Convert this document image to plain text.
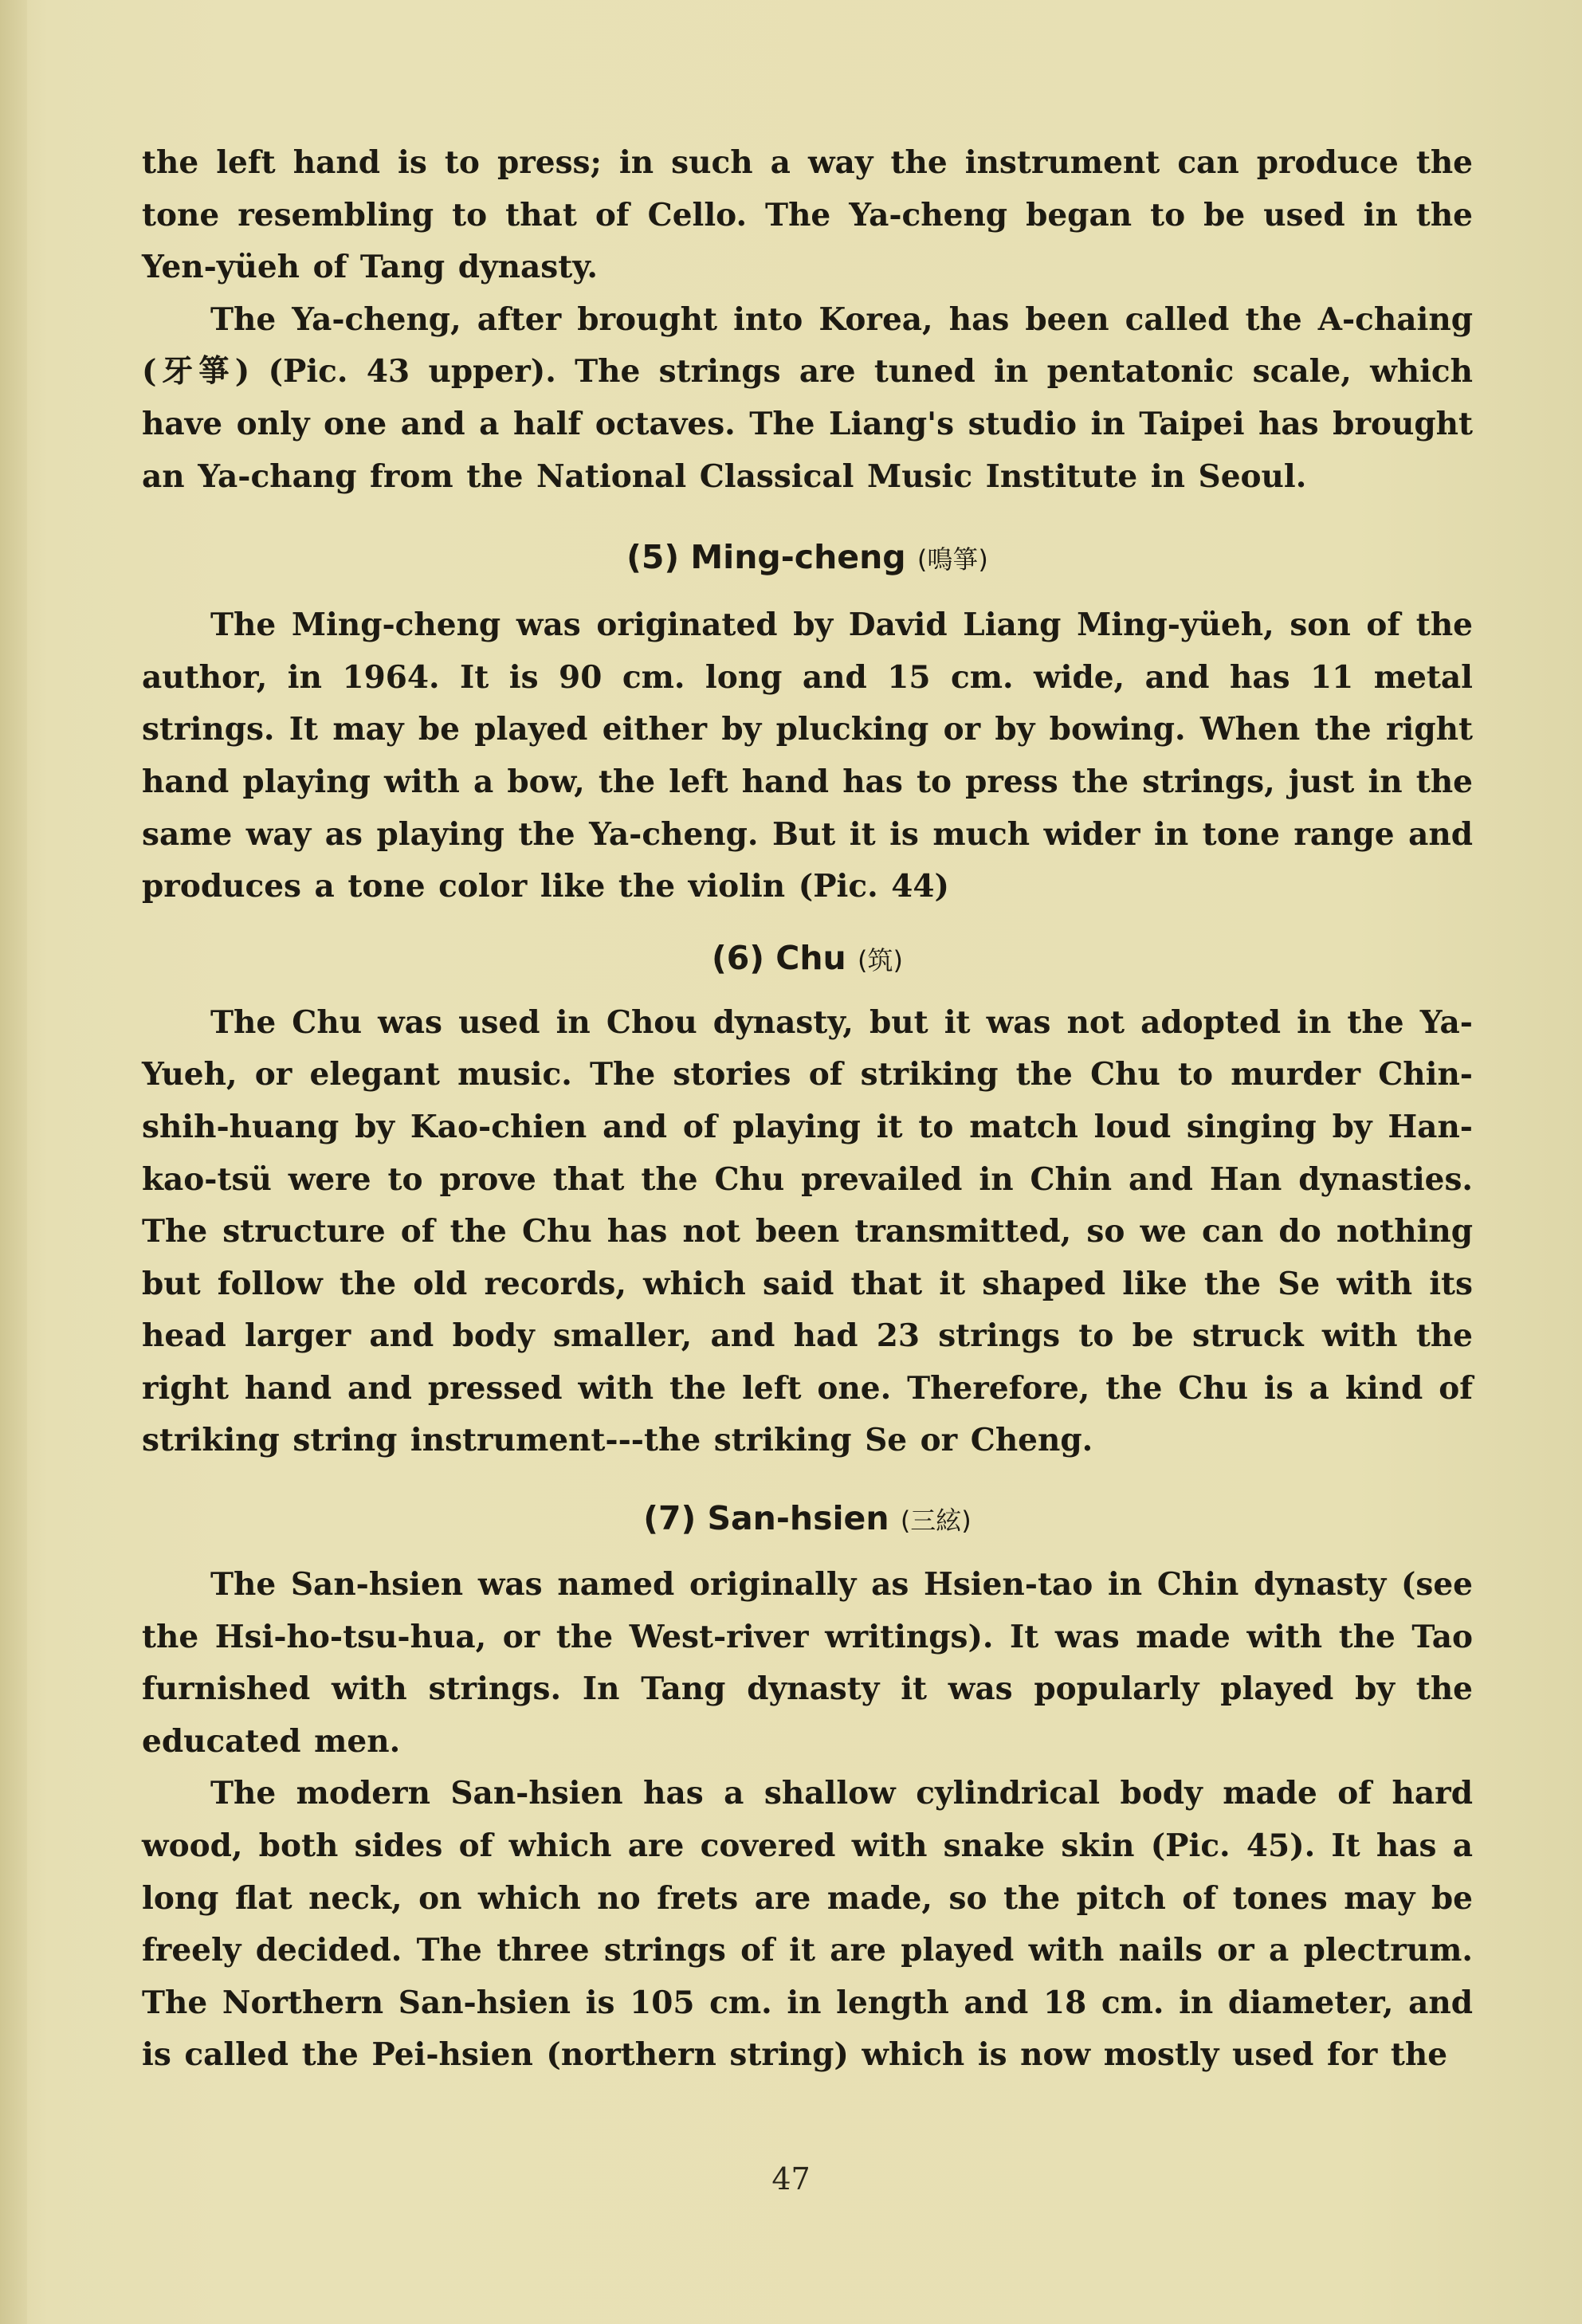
the left hand is to press; in such a way the instrument can produce the tone resembling to that of Cello. The Ya-cheng began to be used in the Yen-yüeh of Tang dynasty.

The Ya-cheng, after brought into Korea, has been called the A-chaing (牙箏) (Pic. 43 upper). The strings are tuned in pentatonic scale, which have only one and a half octaves. The Liang's studio in Taipei has brought an Ya-chang from the National Classical Music Institute in Seoul.

(5) Ming-cheng (鳴箏)

The Ming-cheng was originated by David Liang Ming-yüeh, son of the author, in 1964. It is 90 cm. long and 15 cm. wide, and has 11 metal strings. It may be played either by plucking or by bowing. When the right hand playing with a bow, the left hand has to press the strings, just in the same way as playing the Ya-cheng. But it is much wider in tone range and produces a tone color like the violin (Pic. 44)

(6) Chu (筑)

The Chu was used in Chou dynasty, but it was not adopted in the Ya-Yueh, or elegant music. The stories of striking the Chu to murder Chin-shih-huang by Kao-chien and of playing it to match loud singing by Han-kao-tsü were to prove that the Chu prevailed in Chin and Han dynasties. The structure of the Chu has not been transmitted, so we can do nothing but follow the old records, which said that it shaped like the Se with its head larger and body smaller, and had 23 strings to be struck with the right hand and pressed with the left one. Therefore, the Chu is a kind of striking string instrument---the striking Se or Cheng.

(7) San-hsien (三絃)

The San-hsien was named originally as Hsien-tao in Chin dynasty (see the Hsi-ho-tsu-hua, or the West-river writings). It was made with the Tao furnished with strings. In Tang dynasty it was popularly played by the educated men.

The modern San-hsien has a shallow cylindrical body made of hard wood, both sides of which are covered with snake skin (Pic. 45). It has a long flat neck, on which no frets are made, so the pitch of tones may be freely decided. The three strings of it are played with nails or a plectrum. The Northern San-hsien is 105 cm. in length and 18 cm. in diameter, and is called the Pei-hsien (northern string) which is now mostly used for the

47
